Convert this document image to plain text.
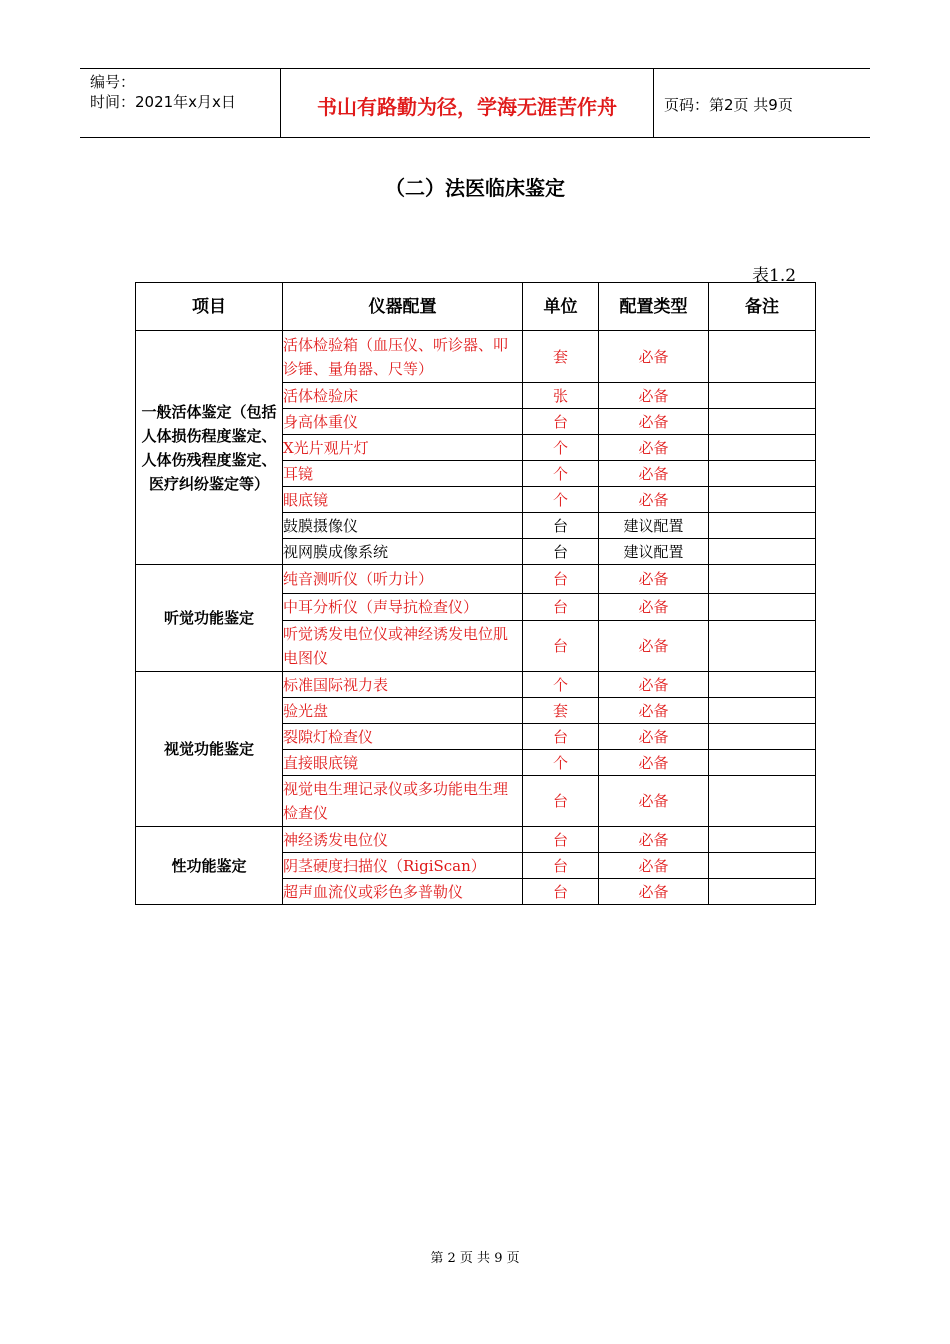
编号：
时间：2021年x月x日	书山有路勤为径，学海无涯苦作舟	页码：第2页 共9页
（二）法医临床鉴定
表1.2
项目	仪器配置	单位	配置类型	备注
一般活体鉴定（包括人体损伤程度鉴定、人体伤残程度鉴定、医疗纠纷鉴定等）	活体检验箱（血压仪、听诊器、叩诊锤、量角器、尺等）	套	必备	
	活体检验床	张	必备	
	身高体重仪	台	必备	
	X光片观片灯	个	必备	
	耳镜	个	必备	
	眼底镜	个	必备	
	鼓膜摄像仪	台	建议配置	
	视网膜成像系统	台	建议配置	
听觉功能鉴定	纯音测听仪（听力计）	台	必备	
	中耳分析仪（声导抗检查仪）	台	必备	
	听觉诱发电位仪或神经诱发电位肌电图仪	台	必备	
视觉功能鉴定	标准国际视力表	个	必备	
	验光盘	套	必备	
	裂隙灯检查仪	台	必备	
	直接眼底镜	个	必备	
	视觉电生理记录仪或多功能电生理检查仪	台	必备	
性功能鉴定	神经诱发电位仪	台	必备	
	阴茎硬度扫描仪（RigiScan）	台	必备	
	超声血流仪或彩色多普勒仪	台	必备	
第 2 页 共 9 页
